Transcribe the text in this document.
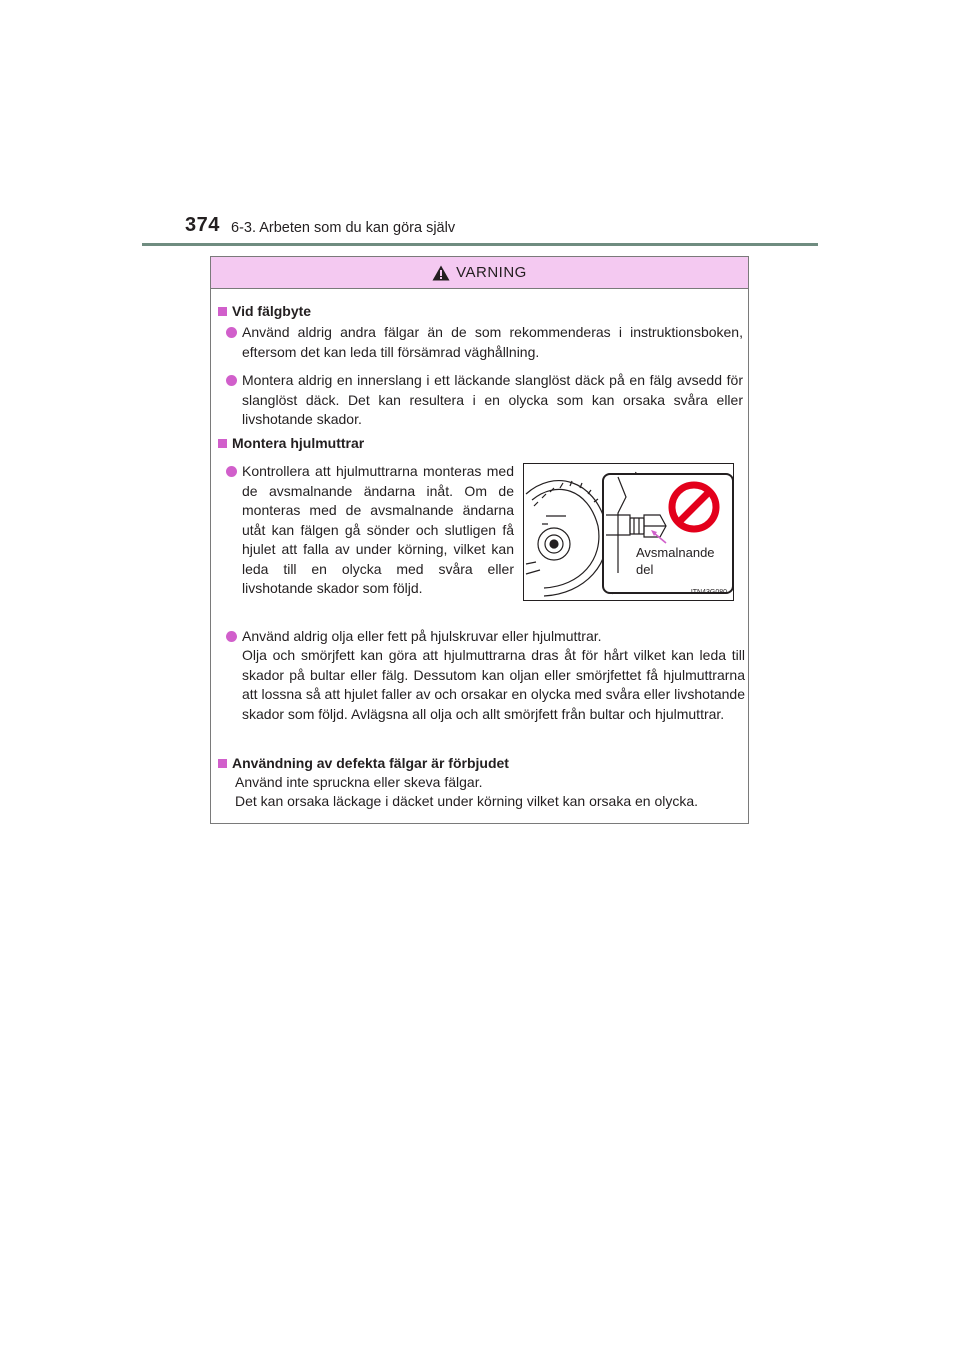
374 6-3. Arbeten som du kan göra själv
VARNING
Vid fälgbyte
Använd aldrig andra fälgar än de som rekommenderas i instruktionsboken, eftersom det kan leda till försämrad väghållning.
Montera aldrig en innerslang i ett läckande slanglöst däck på en fälg avsedd för slanglöst däck. Det kan resultera i en olycka som kan orsaka svåra eller livshotande skador.
Montera hjulmuttrar
Kontrollera att hjulmuttrarna monteras med de avsmalnande ändarna inåt. Om de monteras med de avsmalnande ändarna utåt kan fälgen gå sönder och slutligen få hjulet att falla av under körning, vilket kan leda till en olycka med svåra eller livshotande skador som följd.
Avsmalnande
del
ITN43G080
Använd aldrig olja eller fett på hjulskruvar eller hjulmuttrar.
Olja och smörjfett kan göra att hjulmuttrarna dras åt för hårt vilket kan leda till skador på bultar eller fälg. Dessutom kan oljan eller smörjfettet få hjulmuttrarna att lossna så att hjulet faller av och orsakar en olycka med svåra eller livshotande skador som följd. Avlägsna all olja och allt smörjfett från bultar och hjulmuttrar.
Användning av defekta fälgar är förbjudet
Använd inte spruckna eller skeva fälgar.
Det kan orsaka läckage i däcket under körning vilket kan orsaka en olycka.
